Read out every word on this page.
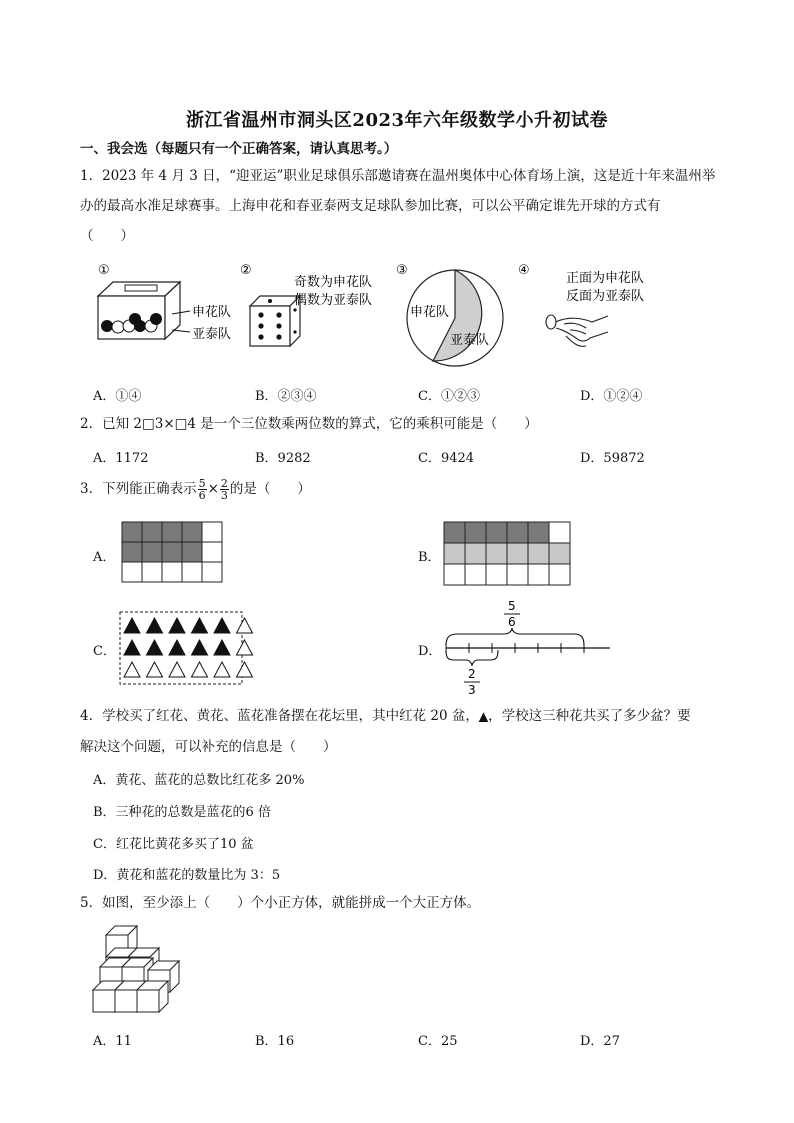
浙江省温州市洞头区2023年六年级数学小升初试卷
一、我会选（每题只有一个正确答案，请认真思考。）
1．2023 年 4 月 3 日，“迎亚运”职业足球俱乐部邀请赛在温州奥体中心体育场上演，这是近十年来温州举
办的最高水准足球赛事。上海申花和春亚泰两支足球队参加比赛，可以公平确定谁先开球的方式有
（　　）
①
申花队
亚泰队
②
奇数为申花队
偶数为亚泰队
③
申花队
亚泰队
④
正面为申花队
反面为亚泰队
A．①④	B．②③④	C．①②③	D．①②④
2．已知 2□3×□4 是一个三位数乘两位数的算式，它的乘积可能是（　　）
A．1172	B．9282	C．9424	D．59872
3．下列能正确表示 $\frac{5}{6} \times \frac{2}{3}$ 的是（　　）
A．	B．
C．	D．
5
6
2
3
4．学校买了红花、黄花、蓝花准备摆在花坛里，其中红花 20 盆，▲，学校这三种花共买了多少盆？要
解决这个问题，可以补充的信息是（　　）
A．黄花、蓝花的总数比红花多 20%
B．三种花的总数是蓝花的6 倍
C．红花比黄花多买了10 盆
D．黄花和蓝花的数量比为 3：5
5．如图，至少添上（　　）个小正方体，就能拼成一个大正方体。
A．11	B．16	C．25	D．27
